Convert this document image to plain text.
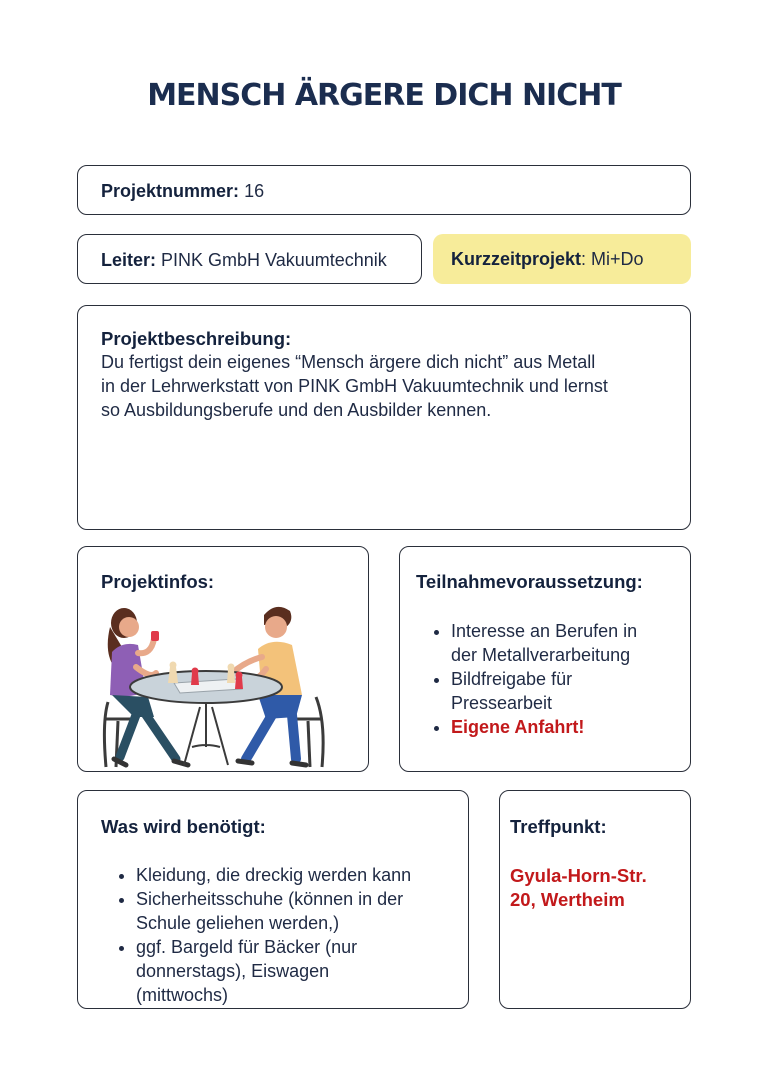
MENSCH ÄRGERE DICH NICHT
Projektnummer: 16
Leiter: PINK GmbH Vakuumtechnik	Kurzzeitprojekt: Mi+Do
Projektbeschreibung:
Du fertigst dein eigenes “Mensch ärgere dich nicht” aus Metall
in der Lehrwerkstatt von PINK GmbH Vakuumtechnik und lernst
so Ausbildungsberufe und den Ausbilder kennen.
Projektinfos:	Teilnahmevoraussetzung:
• Interesse an Berufen in
der Metallverarbeitung
• Bildfreigabe für
Pressearbeit
• Eigene Anfahrt!
Was wird benötigt:
• Kleidung, die dreckig werden kann
• Sicherheitsschuhe (können in der
Schule geliehen werden,)
• ggf. Bargeld für Bäcker (nur
donnerstags), Eiswagen
(mittwochs)
Treffpunkt:
Gyula-Horn-Str.
20, Wertheim
